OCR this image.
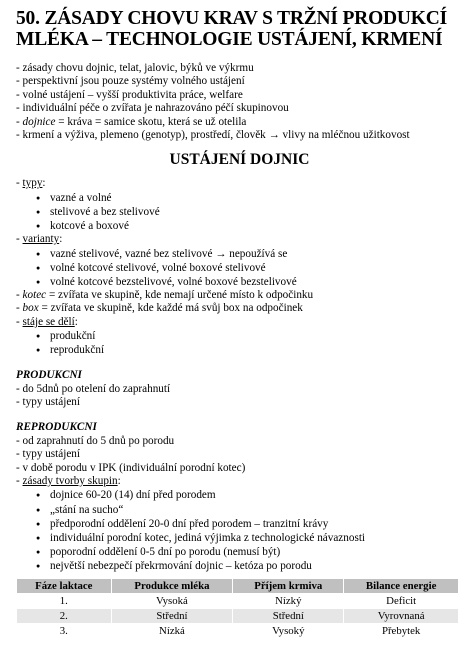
50. ZÁSADY CHOVU KRAV S TRŽNÍ PRODUKCÍ MLÉKA – TECHNOLOGIE USTÁJENÍ, KRMENÍ
- zásady chovu dojnic, telat, jalovic, býků ve výkrmu
- perspektivní jsou pouze systémy volného ustájení
- volné ustájení – vyšší produktivita práce, welfare
- individuální péče o zvířata je nahrazováno péčí skupinovou
- dojnice = kráva = samice skotu, která se už otelila
- krmení a výživa, plemeno (genotyp), prostředí, člověk → vlivy na mléčnou užitkovost
USTÁJENÍ DOJNIC
- typy:
● vazné a volné
● stelivové a bez stelivové
● kotcové a boxové
- varianty:
● vazné stelivové, vazné bez stelivové → nepoužívá se
● volné kotcové stelivové, volné boxové stelivové
● volné kotcové bezstelivové, volné boxové bezstelivové
- kotec = zvířata ve skupině, kde nemají určené místo k odpočinku
- box = zvířata ve skupině, kde každé má svůj box na odpočinek
- stáje se dělí:
● produkční
● reprodukční
PRODUKCNI
- do 5dnů po otelení do zaprahnutí
- typy ustájení
REPRODUKCNI
- od zaprahnutí do 5 dnů po porodu
- typy ustájení
- v době porodu v IPK (individuální porodní kotec)
- zásady tvorby skupin:
● dojnice 60-20 (14) dní před porodem
● „stání na sucho“
● předporodní oddělení 20-0 dní před porodem – tranzitní krávy
● individuální porodní kotec, jediná výjimka z technologické návaznosti
● poporodní oddělení 0-5 dní po porodu (nemusí být)
● největší nebezpečí překrmování dojnic – ketóza po porodu
Fáze laktace	Produkce mléka	Příjem krmiva	Bilance energie
1.	Vysoká	Nízký	Deficit
2.	Střední	Střední	Vyrovnaná
3.	Nízká	Vysoký	Přebytek
